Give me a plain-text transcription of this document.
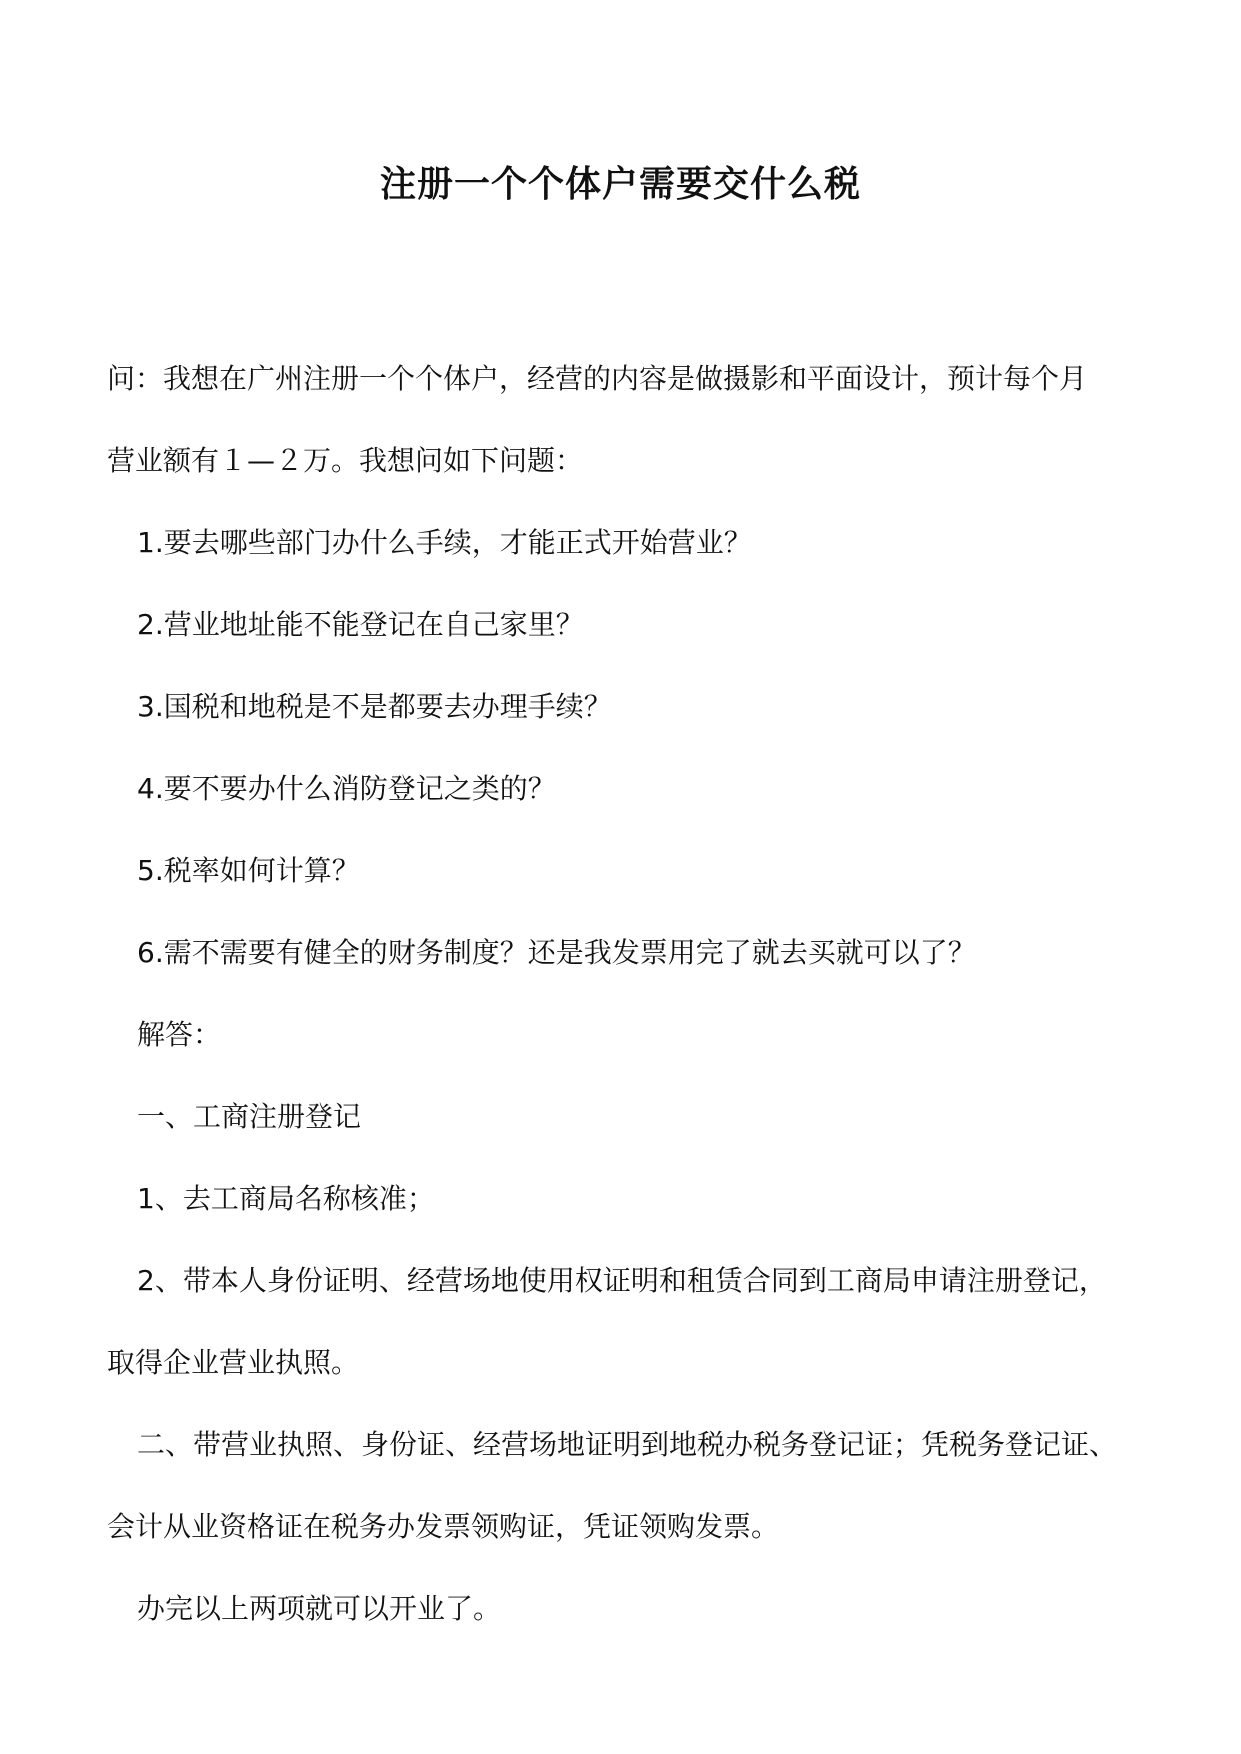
注册一个个体户需要交什么税
问：我想在广州注册一个个体户，经营的内容是做摄影和平面设计，预计每个月
营业额有１—２万。我想问如下问题：
1.要去哪些部门办什么手续，才能正式开始营业？
2.营业地址能不能登记在自己家里？
3.国税和地税是不是都要去办理手续？
4.要不要办什么消防登记之类的？
5.税率如何计算？
6.需不需要有健全的财务制度？还是我发票用完了就去买就可以了？
解答：
一、工商注册登记
1、去工商局名称核准；
2、带本人身份证明、经营场地使用权证明和租赁合同到工商局申请注册登记，
取得企业营业执照。
二、带营业执照、身份证、经营场地证明到地税办税务登记证；凭税务登记证、
会计从业资格证在税务办发票领购证，凭证领购发票。
办完以上两项就可以开业了。
